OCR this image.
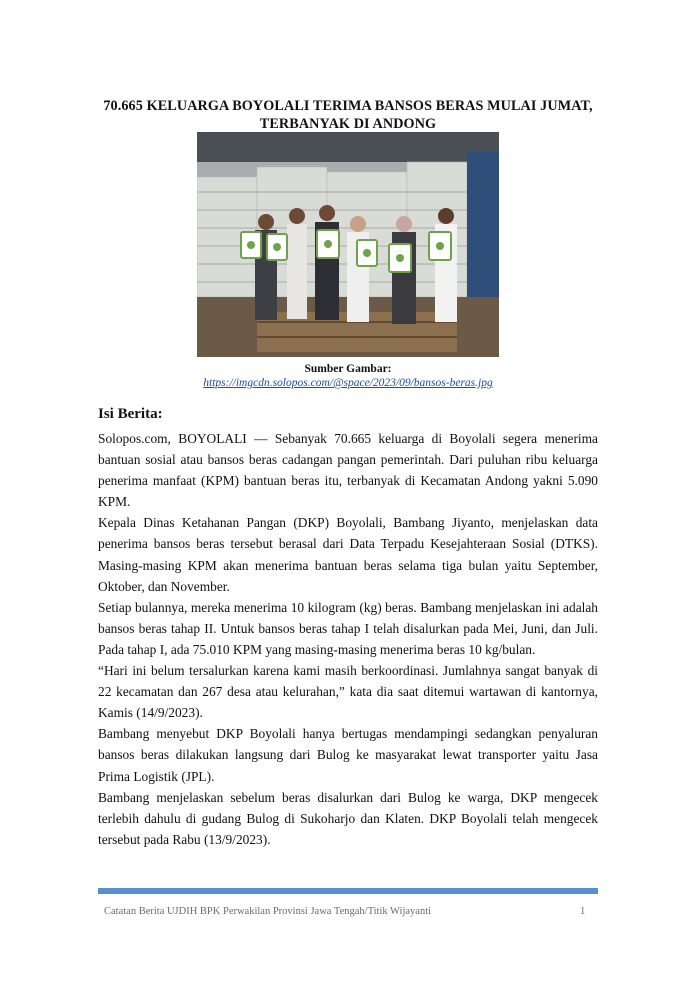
70.665 KELUARGA BOYOLALI TERIMA BANSOS BERAS MULAI JUMAT, TERBANYAK DI ANDONG
Sumber Gambar:
https://imgcdn.solopos.com/@space/2023/09/bansos-beras.jpg
Isi Berita:

Solopos.com, BOYOLALI — Sebanyak 70.665 keluarga di Boyolali segera menerima bantuan sosial atau bansos beras cadangan pangan pemerintah. Dari puluhan ribu keluarga penerima manfaat (KPM) bantuan beras itu, terbanyak di Kecamatan Andong yakni 5.090 KPM.

Kepala Dinas Ketahanan Pangan (DKP) Boyolali, Bambang Jiyanto, menjelaskan data penerima bansos beras tersebut berasal dari Data Terpadu Kesejahteraan Sosial (DTKS). Masing-masing KPM akan menerima bantuan beras selama tiga bulan yaitu September, Oktober, dan November.

Setiap bulannya, mereka menerima 10 kilogram (kg) beras. Bambang menjelaskan ini adalah bansos beras tahap II. Untuk bansos beras tahap I telah disalurkan pada Mei, Juni, dan Juli. Pada tahap I, ada 75.010 KPM yang masing-masing menerima beras 10 kg/bulan.

“Hari ini belum tersalurkan karena kami masih berkoordinasi. Jumlahnya sangat banyak di 22 kecamatan dan 267 desa atau kelurahan,” kata dia saat ditemui wartawan di kantornya, Kamis (14/9/2023).

Bambang menyebut DKP Boyolali hanya bertugas mendampingi sedangkan penyaluran bansos beras dilakukan langsung dari Bulog ke masyarakat lewat transporter yaitu Jasa Prima Logistik (JPL).

Bambang menjelaskan sebelum beras disalurkan dari Bulog ke warga, DKP mengecek terlebih dahulu di gudang Bulog di Sukoharjo dan Klaten. DKP Boyolali telah mengecek tersebut pada Rabu (13/9/2023).

Catatan Berita UJDIH BPK Perwakilan Provinsi Jawa Tengah/Titik Wijayanti	1
